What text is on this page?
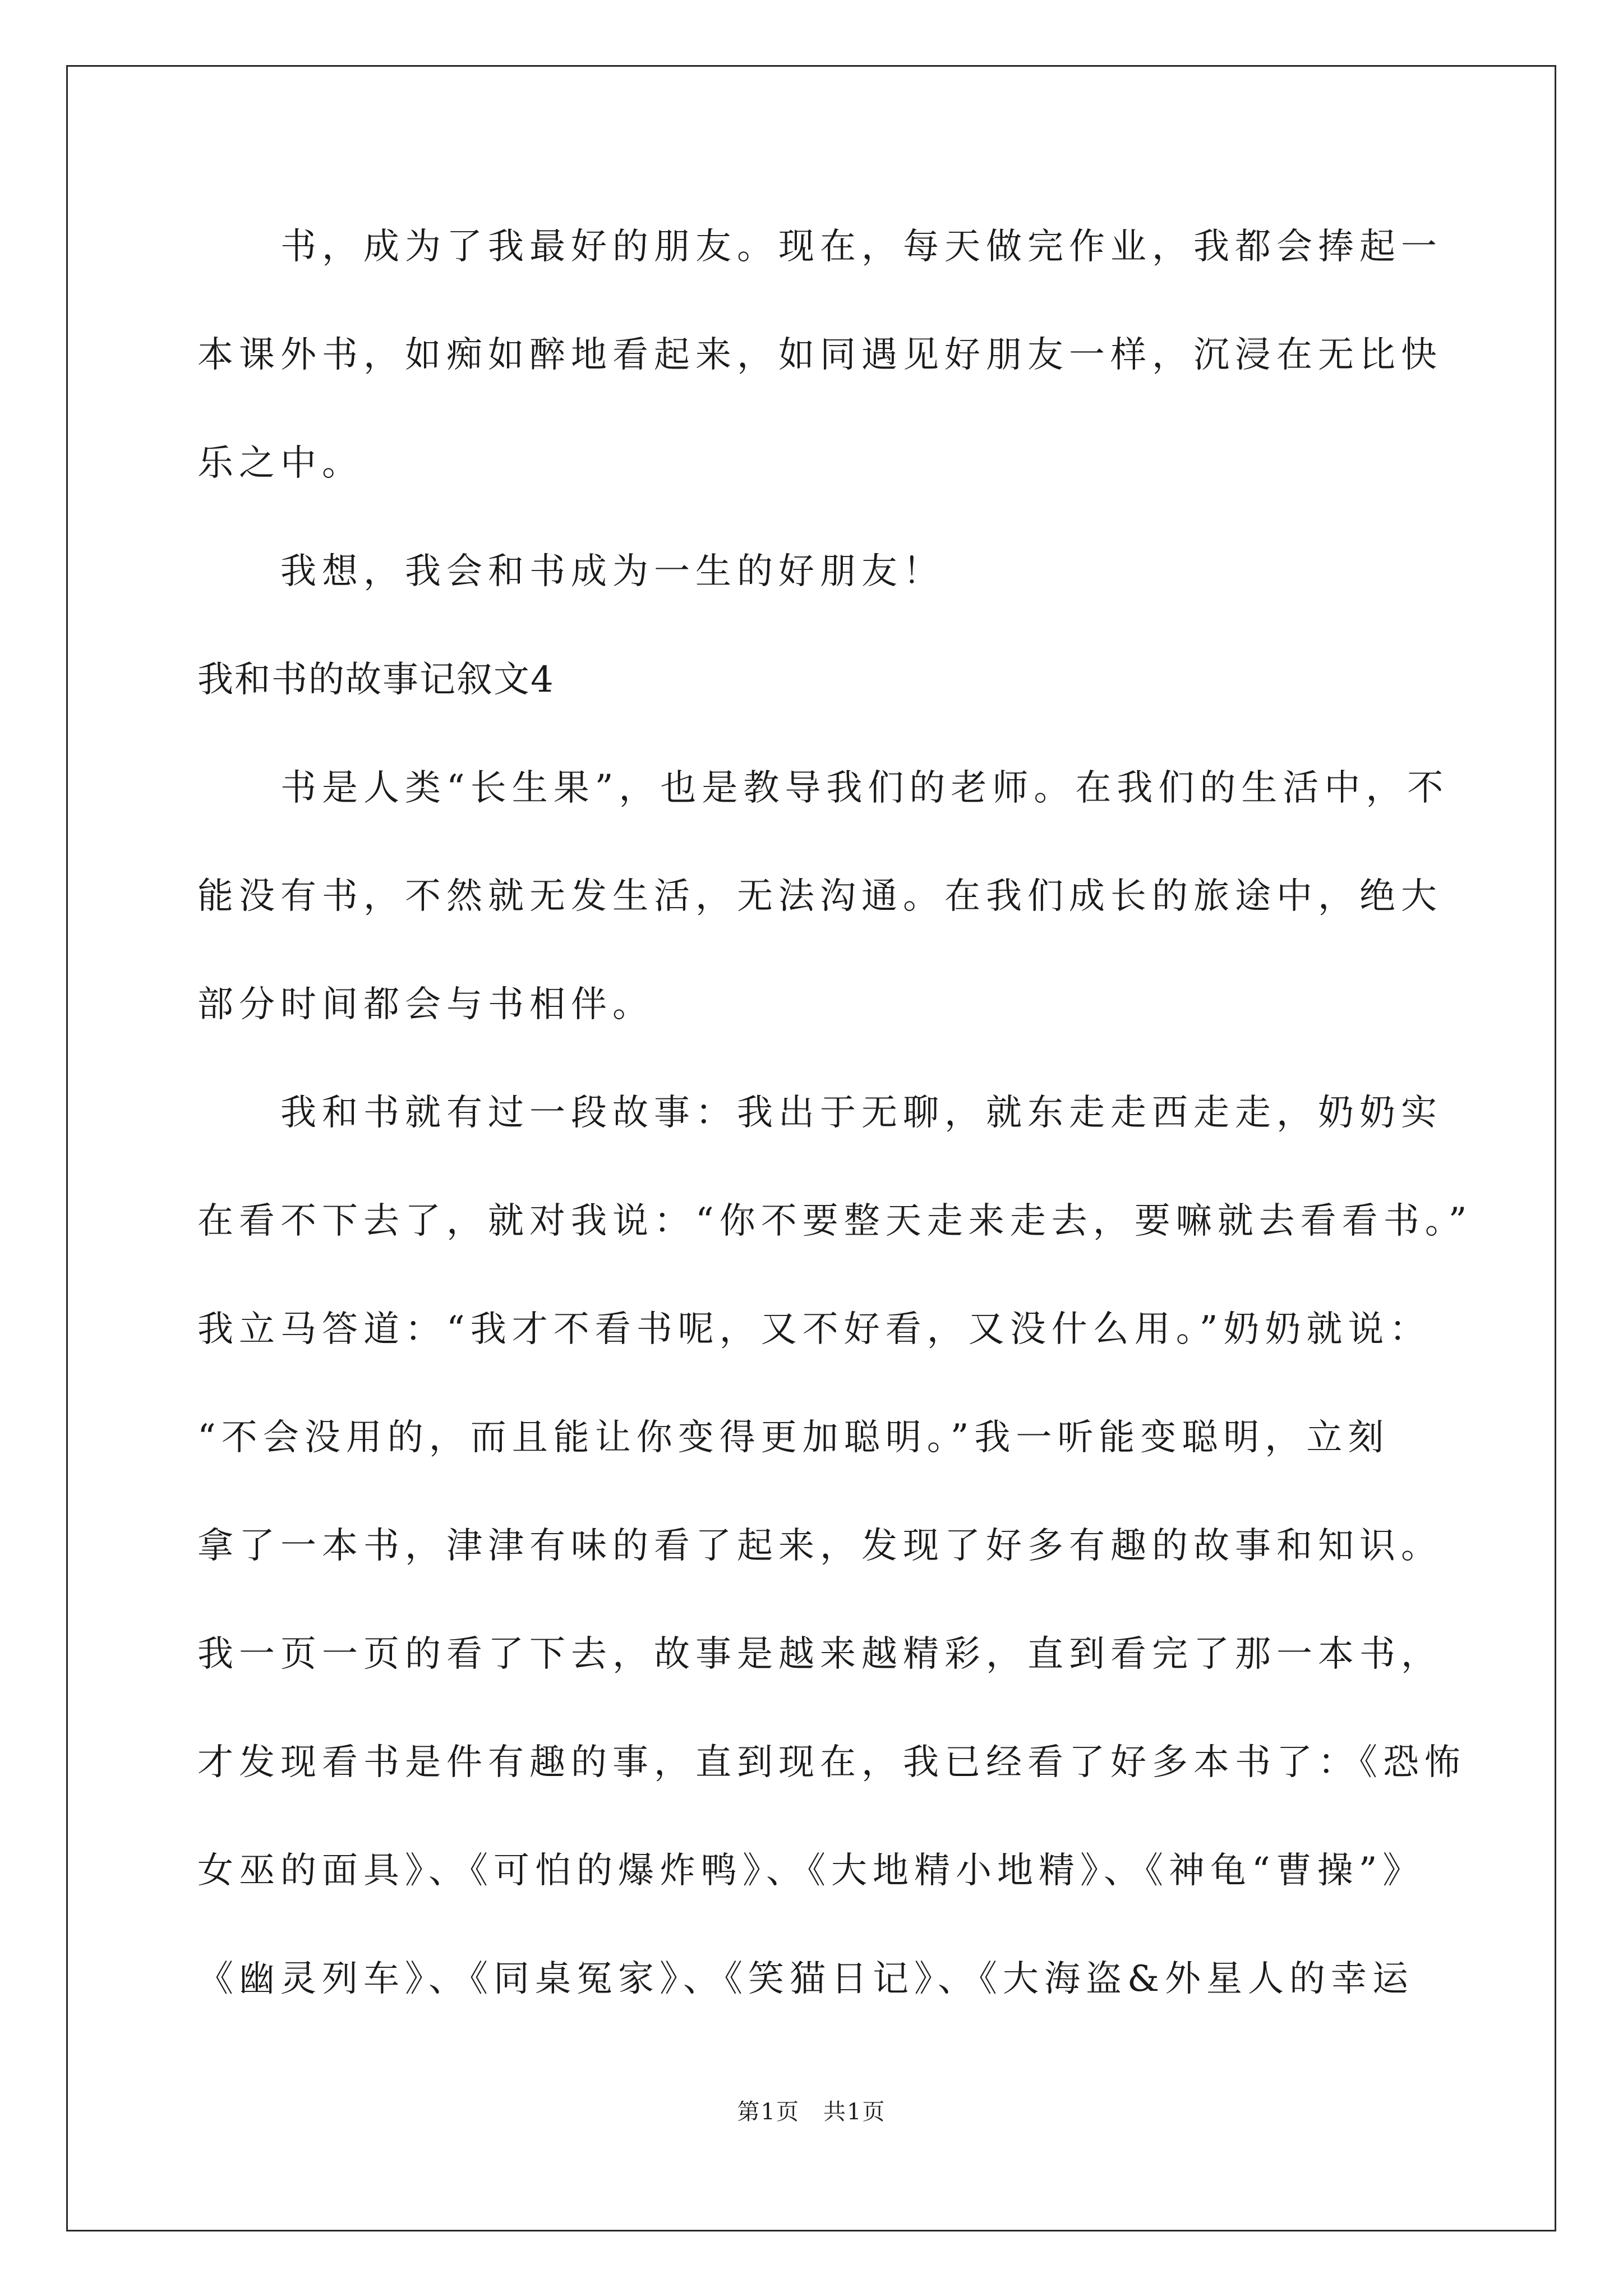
书，成为了我最好的朋友。现在，每天做完作业，我都会捧起一
本课外书，如痴如醉地看起来，如同遇见好朋友一样，沉浸在无比快
乐之中。
我想，我会和书成为一生的好朋友！
我和书的故事记叙文4
书是人类“长生果”，也是教导我们的老师。在我们的生活中，不
能没有书，不然就无发生活，无法沟通。在我们成长的旅途中，绝大
部分时间都会与书相伴。
我和书就有过一段故事：我出于无聊，就东走走西走走，奶奶实
在看不下去了，就对我说：“你不要整天走来走去，要嘛就去看看书。”
我立马答道：“我才不看书呢，又不好看，又没什么用。”奶奶就说：
“不会没用的，而且能让你变得更加聪明。”我一听能变聪明，立刻
拿了一本书，津津有味的看了起来，发现了好多有趣的故事和知识。
我一页一页的看了下去，故事是越来越精彩，直到看完了那一本书，
才发现看书是件有趣的事，直到现在，我已经看了好多本书了：《恐怖
女巫的面具》、《可怕的爆炸鸭》、《大地精小地精》、《神龟“曹操”》
《幽灵列车》、《同桌冤家》、《笑猫日记》、《大海盗&外星人的幸运
第1页　共1页
